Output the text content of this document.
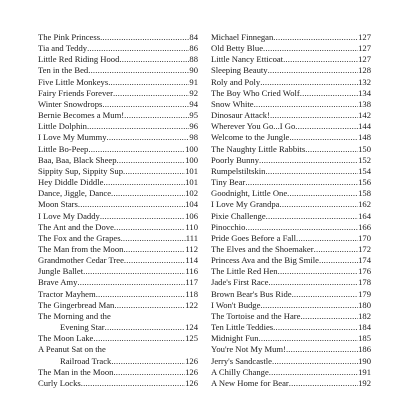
The Pink Princess .....	84
Tia and Teddy .....	86
Little Red Riding Hood .....	88
Ten in the Bed .....	90
Five Little Monkeys .....	91
Fairy Friends Forever .....	92
Winter Snowdrops .....	94
Bernie Becomes a Mum! .....	95
Little Dolphin .....	96
I Love My Mummy .....	98
Little Bo-Peep .....	100
Baa, Baa, Black Sheep .....	100
Sippity Sup, Sippity Sup .....	101
Hey Diddle Diddle .....	101
Dance, Jiggle, Dance .....	102
Moon Stars .....	104
I Love My Daddy .....	106
The Ant and the Dove .....	110
The Fox and the Grapes .....	111
The Man from the Moon .....	112
Grandmother Cedar Tree .....	114
Jungle Ballet .....	116
Brave Amy .....	117
Tractor Mayhem .....	118
The Gingerbread Man .....	122
The Morning and the
Evening Star .....	124
The Moon Lake .....	125
A Peanut Sat on the
Railroad Track .....	126
The Man in the Moon .....	126
Curly Locks .....	126
Michael Finnegan .....	127
Old Betty Blue .....	127
Little Nancy Etticoat .....	127
Sleeping Beauty .....	128
Roly and Poly .....	132
The Boy Who Cried Wolf .....	134
Snow White .....	138
Dinosaur Attack! .....	142
Wherever You Go...I Go .....	144
Welcome to the Jungle .....	148
The Naughty Little Rabbits .....	150
Poorly Bunny .....	152
Rumpelstiltskin .....	154
Tiny Bear .....	156
Goodnight, Little One .....	158
I Love My Grandpa .....	162
Pixie Challenge .....	164
Pinocchio .....	166
Pride Goes Before a Fall .....	170
The Elves and the Shoemaker .....	172
Princess Ava and the Big Smile .....	174
The Little Red Hen .....	176
Jade's First Race .....	178
Brown Bear's Bus Ride .....	179
I Won't Budge .....	180
The Tortoise and the Hare .....	182
Ten Little Teddies .....	184
Midnight Fun .....	185
You're Not My Mum! .....	186
Jerry's Sandcastle .....	190
A Chilly Change .....	191
A New Home for Bear .....	192
